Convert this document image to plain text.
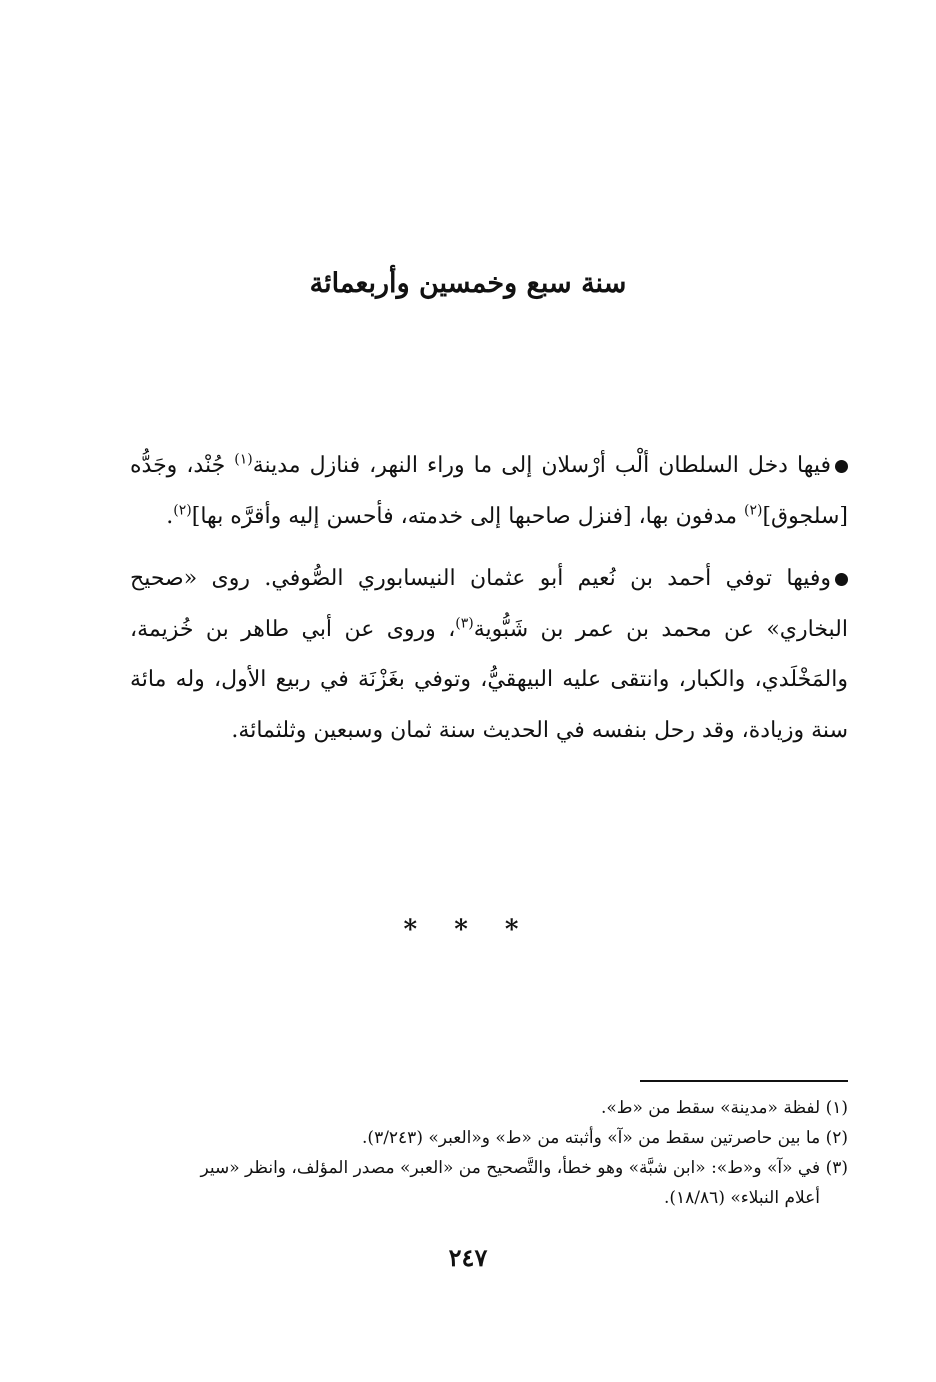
سنة سبع وخمسين وأربعمائة

فيها دخل السلطان ألْب أرْسلان إلى ما وراء النهر، فنازل مدينة$^{(١)}$ جُنْد، وجَدُّه [سلجوق]$^{(٢)}$ مدفون بها، [فنزل صاحبها إلى خدمته، فأحسن إليه وأقرَّه بها]$^{(٢)}$.

وفيها توفي أحمد بن نُعيم أبو عثمان النيسابوري الصُّوفي. روى «صحيح البخاري» عن محمد بن عمر بن شَبُّوية$^{(٣)}$، وروى عن أبي طاهر بن خُزيمة، والمَخْلَدي، والكبار، وانتقى عليه البيهقيُّ، وتوفي بغَزْنَة في ربيع الأول، وله مائة سنة وزيادة، وقد رحل بنفسه في الحديث سنة ثمان وسبعين وثلثمائة.

* * *

(١) لفظة «مدينة» سقط من «ط».

(٢) ما بين حاصرتين سقط من «آ» وأثبته من «ط» و«العبر» (٣/٢٤٣).

(٣) في «آ» و«ط»: «ابن شبَّة» وهو خطأ، والتَّصحيح من «العبر» مصدر المؤلف، وانظر «سير

أعلام النبلاء» (١٨/٨٦).

٢٤٧
